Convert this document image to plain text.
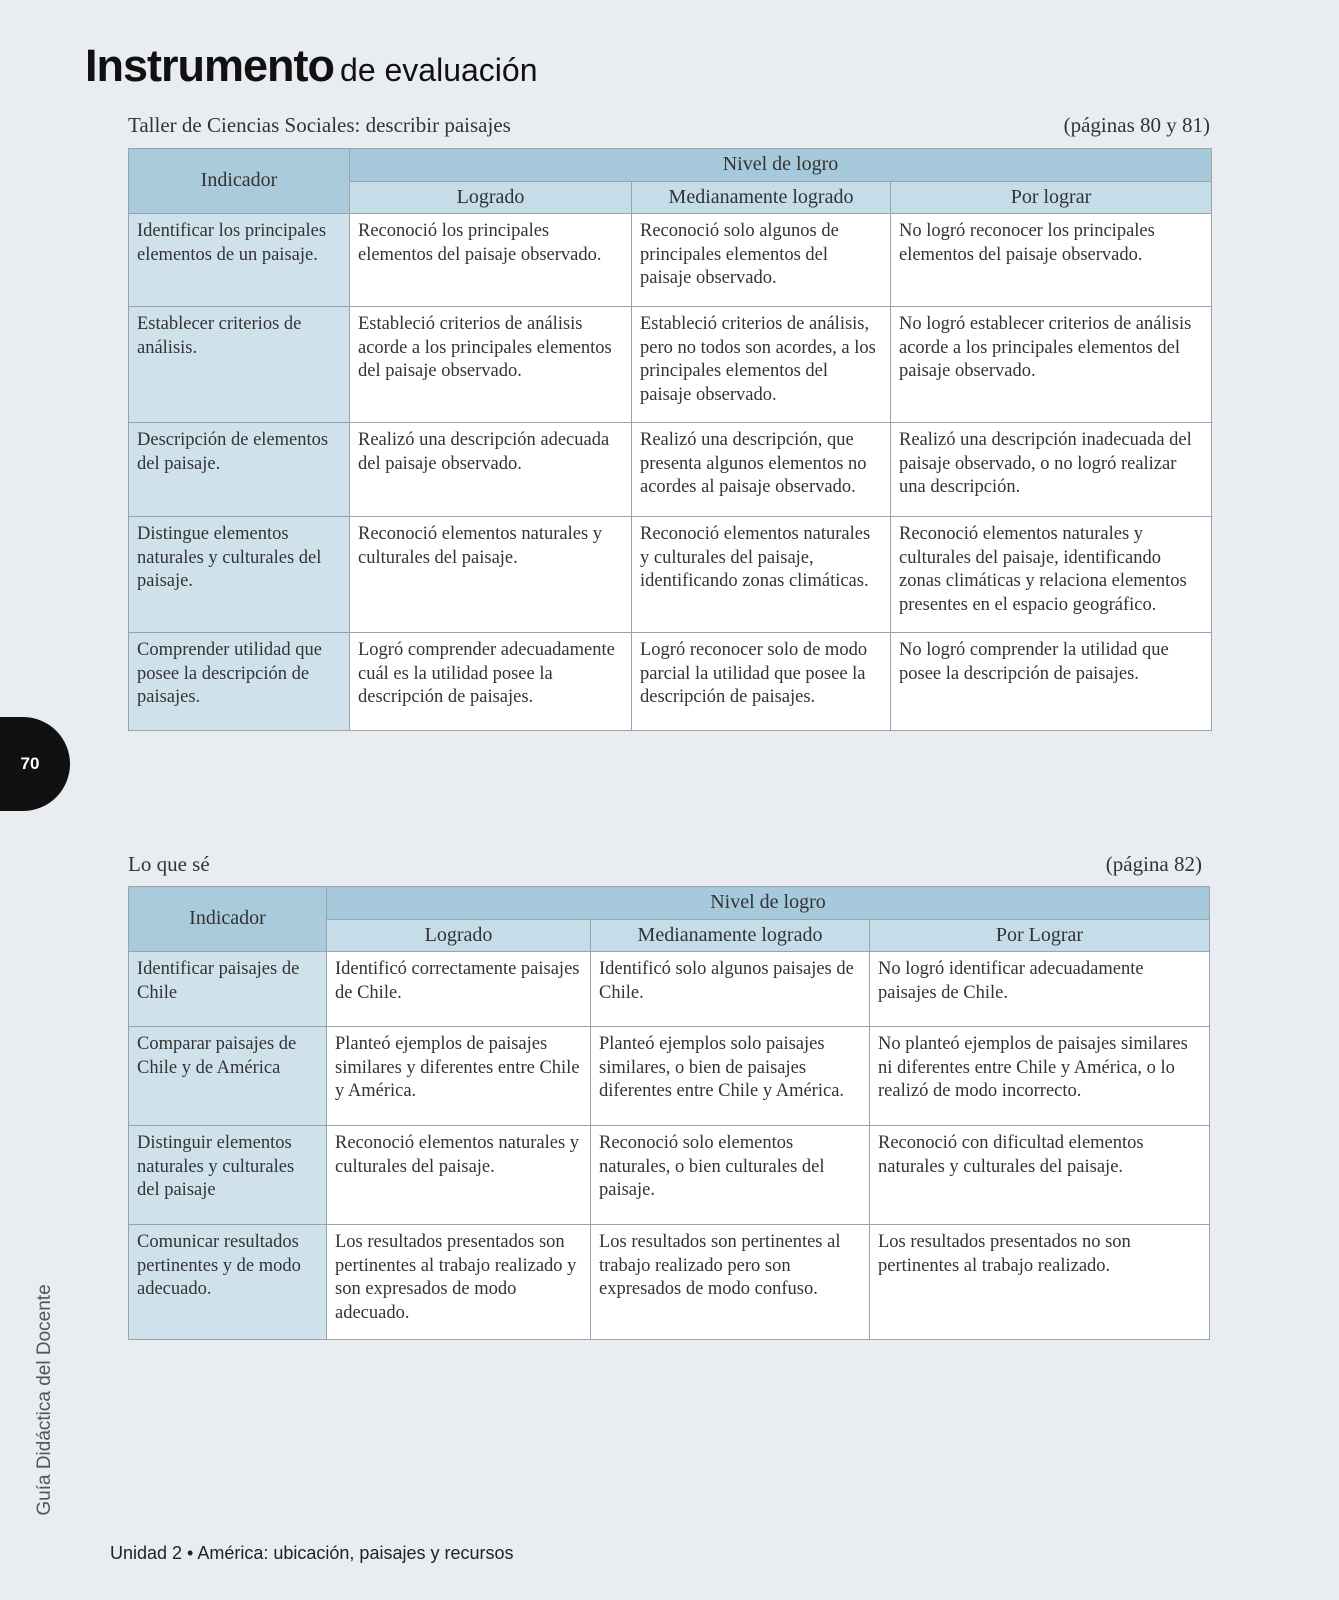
Instrumento de evaluación
Taller de Ciencias Sociales: describir paisajes	(páginas 80 y 81)
Indicador	Nivel de logro		
	Logrado	Medianamente logrado	Por lograr
Identificar los principales elementos de un paisaje.	Reconoció los principales elementos del paisaje observado.	Reconoció solo algunos de principales elementos del paisaje observado.	No logró reconocer los principales elementos del paisaje observado.
Establecer criterios de análisis.	Estableció criterios de análisis acorde a los principales elementos del paisaje observado.	Estableció criterios de análisis, pero no todos son acordes, a los principales elementos del paisaje observado.	No logró establecer criterios de análisis acorde a los principales elementos del paisaje observado.
Descripción de elementos del paisaje.	Realizó una descripción adecuada del paisaje observado.	Realizó una descripción, que presenta algunos elementos no acordes al paisaje observado.	Realizó una descripción inadecuada del paisaje observado, o no logró realizar una descripción.
Distingue elementos naturales y culturales del paisaje.	Reconoció elementos naturales y culturales del paisaje.	Reconoció elementos naturales y culturales del paisaje, identificando zonas climáticas.	Reconoció elementos naturales y culturales del paisaje, identificando zonas climáticas y relaciona elementos presentes en el espacio geográfico.
Comprender utilidad que posee la descripción de paisajes.	Logró comprender adecuadamente cuál es la utilidad posee la descripción de paisajes.	Logró reconocer solo de modo parcial la utilidad que posee la descripción de paisajes.	No logró comprender la utilidad que posee la descripción de paisajes.
70
Lo que sé	(página 82)
Indicador	Nivel de logro		
	Logrado	Medianamente logrado	Por Lograr
Identificar paisajes de Chile	Identificó correctamente paisajes de Chile.	Identificó solo algunos paisajes de Chile.	No logró identificar adecuadamente paisajes de Chile.
Comparar paisajes de Chile y de América	Planteó ejemplos de paisajes similares y diferentes entre Chile y América.	Planteó ejemplos solo paisajes similares, o bien de paisajes diferentes entre Chile y América.	No planteó ejemplos de paisajes similares ni diferentes entre Chile y América, o lo realizó de modo incorrecto.
Distinguir elementos naturales y culturales del paisaje	Reconoció elementos naturales y culturales del paisaje.	Reconoció solo elementos naturales, o bien culturales del paisaje.	Reconoció con dificultad elementos naturales y culturales del paisaje.
Comunicar resultados pertinentes y de modo adecuado.	Los resultados presentados son pertinentes al trabajo realizado y son expresados de modo adecuado.	Los resultados son pertinentes al trabajo realizado pero son expresados de modo confuso.	Los resultados presentados no son pertinentes al trabajo realizado.
Guía Didáctica del Docente
Unidad 2 • América: ubicación, paisajes y recursos
